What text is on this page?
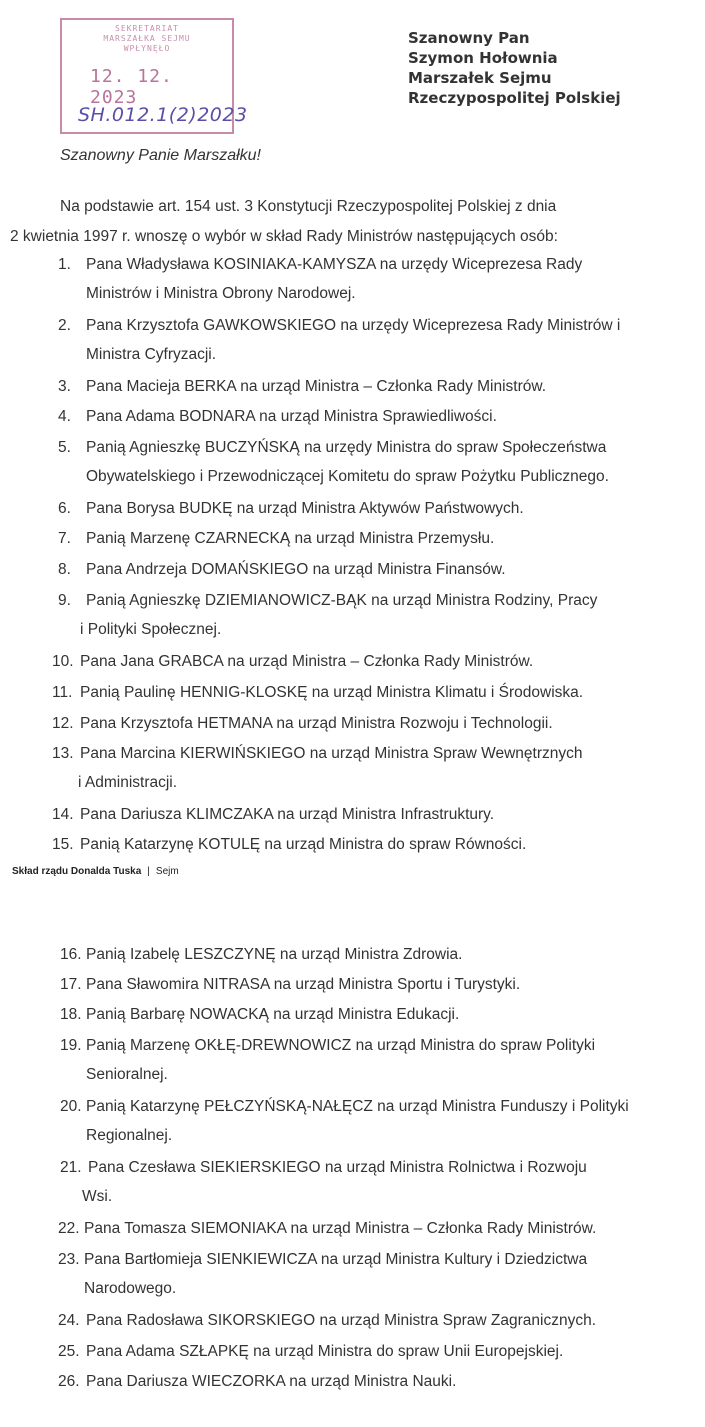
SEKRETARIAT
MARSZAŁKA SEJMU
WPŁYNĘŁO
12. 12. 2023
SH.012.1(2)2023
Szanowny Pan
Szymon Hołownia
Marszałek Sejmu
Rzeczypospolitej Polskiej
Szanowny Panie Marszałku!
Na podstawie art. 154 ust. 3 Konstytucji Rzeczypospolitej Polskiej z dnia
2 kwietnia 1997 r. wnoszę o wybór w skład Rady Ministrów następujących osób:
1. Pana Władysława KOSINIAKA-KAMYSZA na urzędy Wiceprezesa Rady
Ministrów i Ministra Obrony Narodowej.
2. Pana Krzysztofa GAWKOWSKIEGO na urzędy Wiceprezesa Rady Ministrów i
Ministra Cyfryzacji.
3. Pana Macieja BERKA na urząd Ministra – Członka Rady Ministrów.
4. Pana Adama BODNARA na urząd Ministra Sprawiedliwości.
5. Panią Agnieszkę BUCZYŃSKĄ na urzędy Ministra do spraw Społeczeństwa
Obywatelskiego i Przewodniczącej Komitetu do spraw Pożytku Publicznego.
6. Pana Borysa BUDKĘ na urząd Ministra Aktywów Państwowych.
7. Panią Marzenę CZARNECKĄ na urząd Ministra Przemysłu.
8. Pana Andrzeja DOMAŃSKIEGO na urząd Ministra Finansów.
9. Panią Agnieszkę DZIEMIANOWICZ-BĄK na urząd Ministra Rodziny, Pracy
i Polityki Społecznej.
10. Pana Jana GRABCA na urząd Ministra – Członka Rady Ministrów.
11. Panią Paulinę HENNIG-KLOSKĘ na urząd Ministra Klimatu i Środowiska.
12. Pana Krzysztofa HETMANA na urząd Ministra Rozwoju i Technologii.
13. Pana Marcina KIERWIŃSKIEGO na urząd Ministra Spraw Wewnętrznych
i Administracji.
14. Pana Dariusza KLIMCZAKA na urząd Ministra Infrastruktury.
15. Panią Katarzynę KOTULĘ na urząd Ministra do spraw Równości.
16. Panią Izabelę LESZCZYNĘ na urząd Ministra Zdrowia.
17. Pana Sławomira NITRASA na urząd Ministra Sportu i Turystyki.
18. Panią Barbarę NOWACKĄ na urząd Ministra Edukacji.
19. Panią Marzenę OKŁĘ-DREWNOWICZ na urząd Ministra do spraw Polityki
Senioralnej.
20. Panią Katarzynę PEŁCZYŃSKĄ-NAŁĘCZ na urząd Ministra Funduszy i Polityki
Regionalnej.
21. Pana Czesława SIEKIERSKIEGO na urząd Ministra Rolnictwa i Rozwoju
Wsi.
22. Pana Tomasza SIEMONIAKA na urząd Ministra – Członka Rady Ministrów.
23. Pana Bartłomieja SIENKIEWICZA na urząd Ministra Kultury i Dziedzictwa
Narodowego.
24. Pana Radosława SIKORSKIEGO na urząd Ministra Spraw Zagranicznych.
25. Pana Adama SZŁAPKĘ na urząd Ministra do spraw Unii Europejskiej.
26. Pana Dariusza WIECZORKA na urząd Ministra Nauki.
Skład rządu Donalda Tuska | Sejm
